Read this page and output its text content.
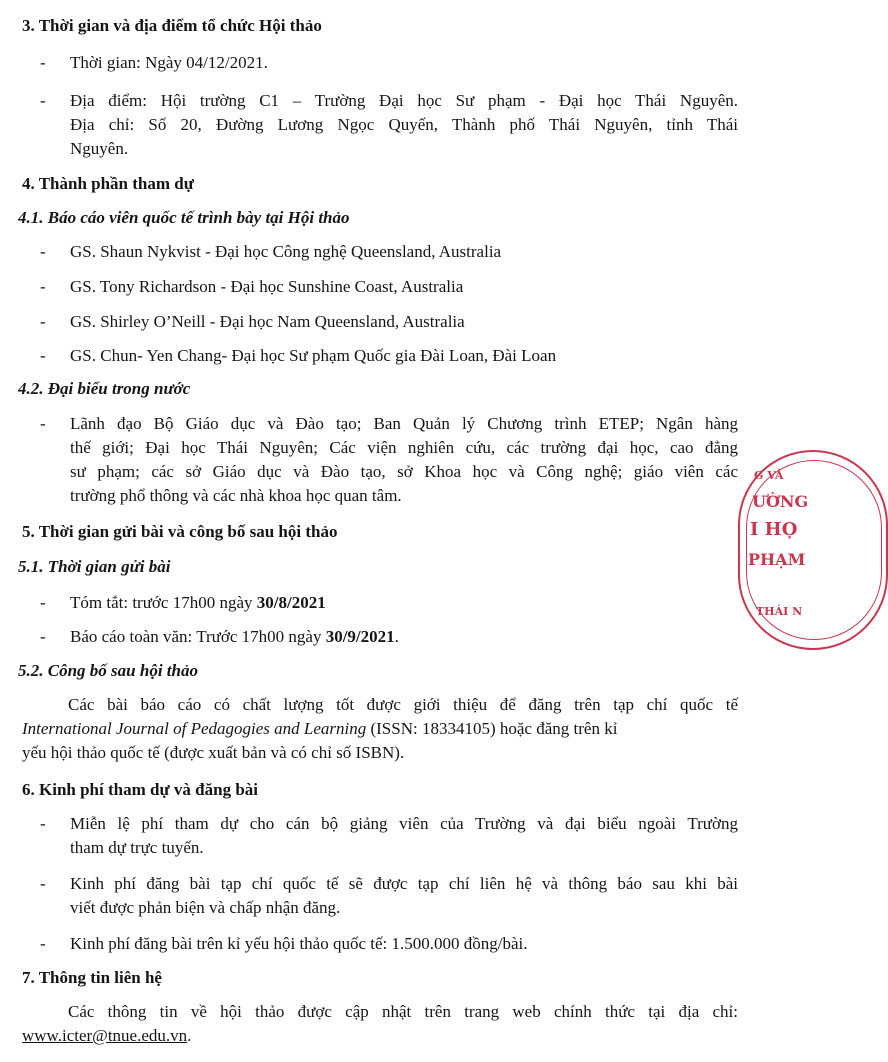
3. Thời gian và địa điểm tổ chức Hội thảo
-	Thời gian: Ngày 04/12/2021.
-	Địa điểm: Hội trường C1 – Trường Đại học Sư phạm - Đại học Thái Nguyên.
Địa chỉ: Số 20, Đường Lương Ngọc Quyến, Thành phố Thái Nguyên, tỉnh Thái
Nguyên.
4. Thành phần tham dự
4.1. Báo cáo viên quốc tế trình bày tại Hội thảo
-	GS. Shaun Nykvist - Đại học Công nghệ Queensland, Australia
-	GS. Tony Richardson - Đại học Sunshine Coast, Australia
-	GS. Shirley O’Neill - Đại học Nam Queensland, Australia
-	GS. Chun- Yen Chang- Đại học Sư phạm Quốc gia Đài Loan, Đài Loan
4.2. Đại biểu trong nước
-	Lãnh đạo Bộ Giáo dục và Đào tạo; Ban Quản lý Chương trình ETEP; Ngân hàng
thế giới; Đại học Thái Nguyên; Các viện nghiên cứu, các trường đại học, cao đẳng
sư phạm; các sở Giáo dục và Đào tạo, sở Khoa học và Công nghệ; giáo viên các
trường phổ thông và các nhà khoa học quan tâm.
5. Thời gian gửi bài và công bố sau hội thảo
5.1. Thời gian gửi bài
-	Tóm tắt: trước 17h00 ngày 30/8/2021
-	Báo cáo toàn văn: Trước 17h00 ngày 30/9/2021.
5.2. Công bố sau hội thảo
Các bài báo cáo có chất lượng tốt được giới thiệu để đăng trên tạp chí quốc tế
International Journal of Pedagogies and Learning (ISSN: 18334105) hoặc đăng trên kỉ
yếu hội thảo quốc tế (được xuất bản và có chỉ số ISBN).
6. Kinh phí tham dự và đăng bài
-	Miễn lệ phí tham dự cho cán bộ giảng viên của Trường và đại biểu ngoài Trường
tham dự trực tuyến.
-	Kinh phí đăng bài tạp chí quốc tế sẽ được tạp chí liên hệ và thông báo sau khi bài
viết được phản biện và chấp nhận đăng.
-	Kinh phí đăng bài trên kỉ yếu hội thảo quốc tế: 1.500.000 đồng/bài.
7. Thông tin liên hệ
Các thông tin về hội thảo được cập nhật trên trang web chính thức tại địa chỉ:
www.icter@tnue.edu.vn.
G VÀ
ƯỜNG
I HỌ
PHẠM
THÁI N
